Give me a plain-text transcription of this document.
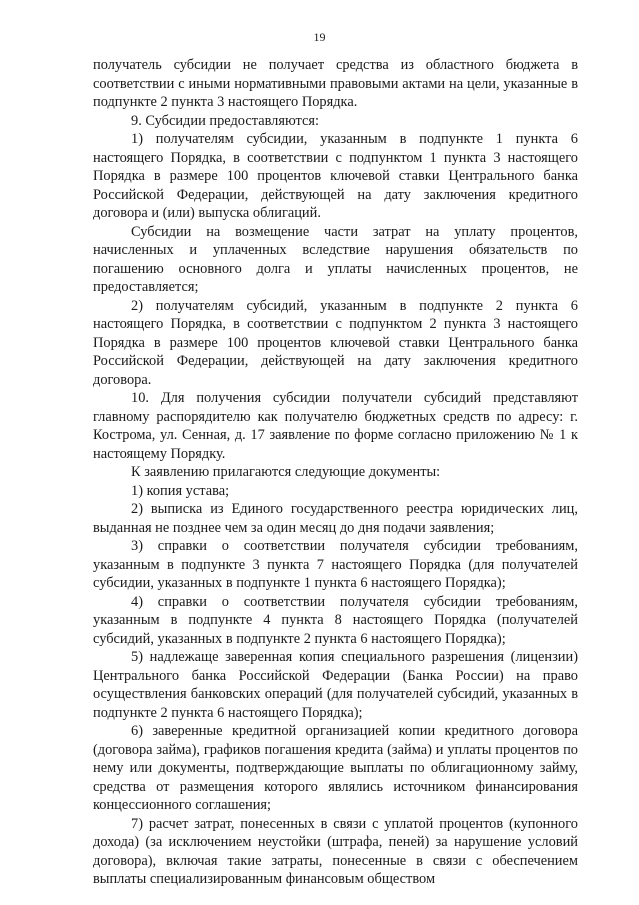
19

получатель субсидии не получает средства из областного бюджета в соответствии с иными нормативными правовыми актами на цели, указанные в подпункте 2 пункта 3 настоящего Порядка.

9. Субсидии предоставляются:

1) получателям субсидии, указанным в подпункте 1 пункта 6 настоящего Порядка, в соответствии с подпунктом 1 пункта 3 настоящего Порядка в размере 100 процентов ключевой ставки Центрального банка Российской Федерации, действующей на дату заключения кредитного договора и (или) выпуска облигаций.

Субсидии на возмещение части затрат на уплату процентов, начисленных и уплаченных вследствие нарушения обязательств по погашению основного долга и уплаты начисленных процентов, не предоставляется;

2) получателям субсидий, указанным в подпункте 2 пункта 6 настоящего Порядка, в соответствии с подпунктом 2 пункта 3 настоящего Порядка в размере 100 процентов ключевой ставки Центрального банка Российской Федерации, действующей на дату заключения кредитного договора.

10. Для получения субсидии получатели субсидий представляют главному распорядителю как получателю бюджетных средств по адресу: г. Кострома, ул. Сенная, д. 17 заявление по форме согласно приложению № 1 к настоящему Порядку.

К заявлению прилагаются следующие документы:

1) копия устава;

2) выписка из Единого государственного реестра юридических лиц, выданная не позднее чем за один месяц до дня подачи заявления;

3) справки о соответствии получателя субсидии требованиям, указанным в подпункте 3 пункта 7 настоящего Порядка (для получателей субсидии, указанных в подпункте 1 пункта 6 настоящего Порядка);

4) справки о соответствии получателя субсидии требованиям, указанным в подпункте 4 пункта 8 настоящего Порядка (получателей субсидий, указанных в подпункте 2 пункта 6 настоящего Порядка);

5) надлежаще заверенная копия специального разрешения (лицензии) Центрального банка Российской Федерации (Банка России) на право осуществления банковских операций (для получателей субсидий, указанных в подпункте 2 пункта 6 настоящего Порядка);

6) заверенные кредитной организацией копии кредитного договора (договора займа), графиков погашения кредита (займа) и уплаты процентов по нему или документы, подтверждающие выплаты по облигационному займу, средства от размещения которого являлись источником финансирования концессионного соглашения;

7) расчет затрат, понесенных в связи с уплатой процентов (купонного дохода) (за исключением неустойки (штрафа, пеней) за нарушение условий договора), включая такие затраты, понесенные в связи с обеспечением выплаты специализированным финансовым обществом
